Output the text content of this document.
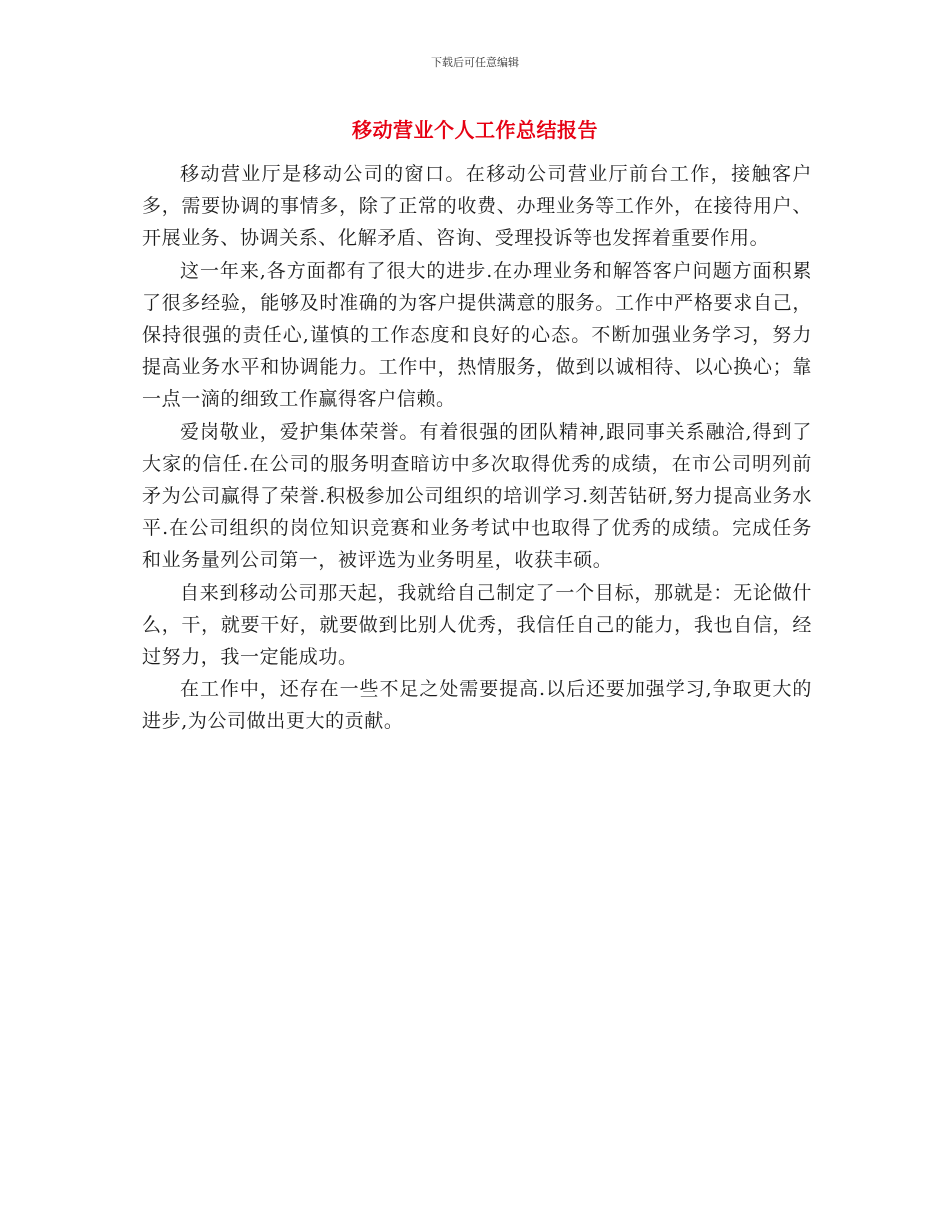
下载后可任意编辑
移动营业个人工作总结报告

移动营业厅是移动公司的窗口。在移动公司营业厅前台工作，接触客户多，需要协调的事情多，除了正常的收费、办理业务等工作外，在接待用户、开展业务、协调关系、化解矛盾、咨询、受理投诉等也发挥着重要作用。

这一年来,各方面都有了很大的进步.在办理业务和解答客户问题方面积累了很多经验，能够及时准确的为客户提供满意的服务。工作中严格要求自己，保持很强的责任心,谨慎的工作态度和良好的心态。不断加强业务学习，努力提高业务水平和协调能力。工作中，热情服务，做到以诚相待、以心换心；靠一点一滴的细致工作赢得客户信赖。

爱岗敬业，爱护集体荣誉。有着很强的团队精神,跟同事关系融洽,得到了大家的信任.在公司的服务明查暗访中多次取得优秀的成绩，在市公司明列前矛为公司赢得了荣誉.积极参加公司组织的培训学习.刻苦钻研,努力提高业务水平.在公司组织的岗位知识竞赛和业务考试中也取得了优秀的成绩。完成任务和业务量列公司第一，被评选为业务明星，收获丰硕。

自来到移动公司那天起，我就给自己制定了一个目标，那就是：无论做什么，干，就要干好，就要做到比别人优秀，我信任自己的能力，我也自信，经过努力，我一定能成功。

在工作中，还存在一些不足之处需要提高.以后还要加强学习,争取更大的进步,为公司做出更大的贡献。
